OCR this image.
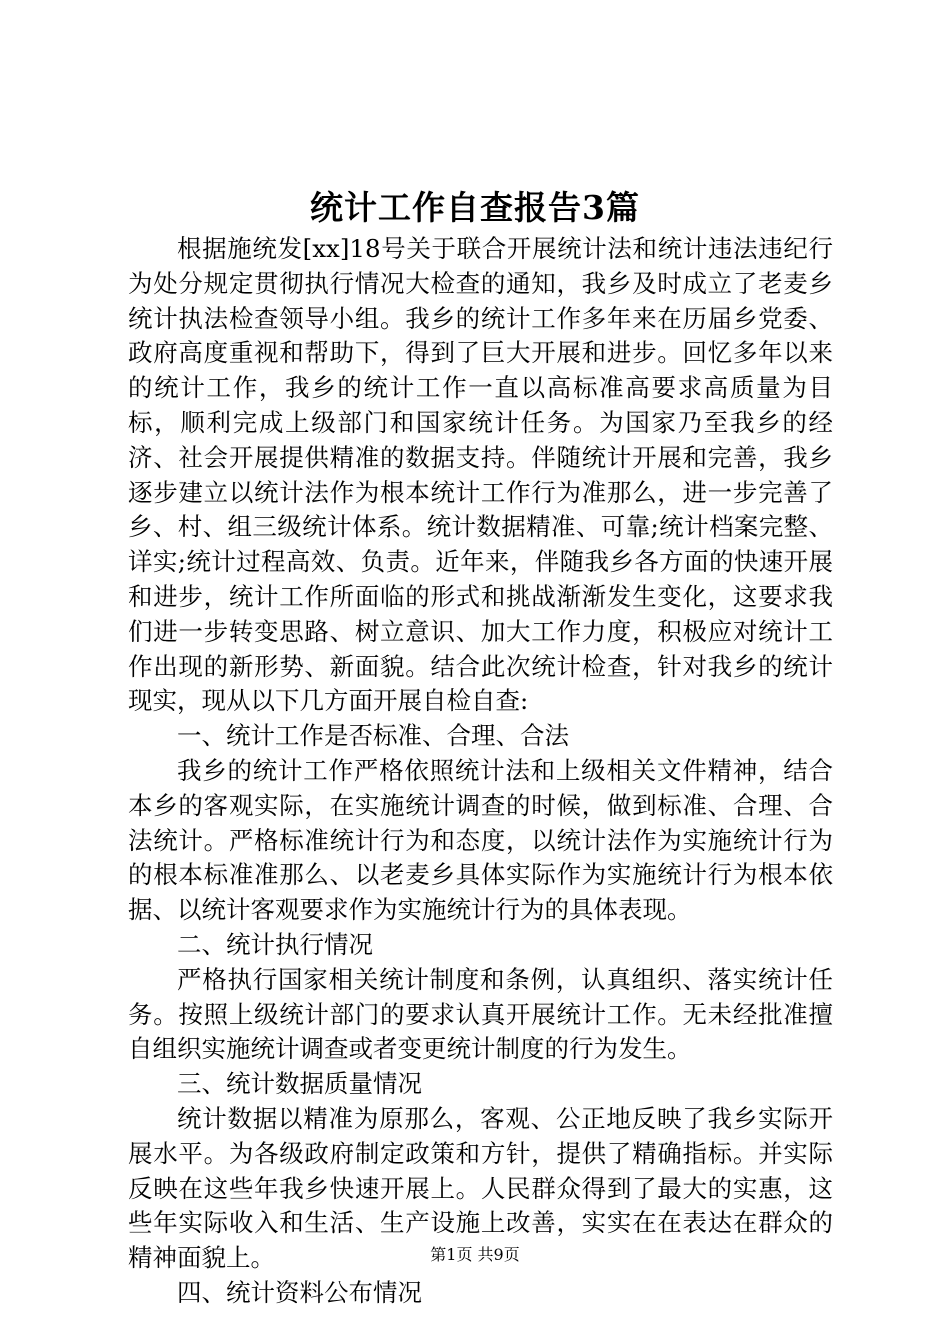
统计工作自查报告3篇

根据施统发[xx]18号关于联合开展统计法和统计违法违纪行为处分规定贯彻执行情况大检查的通知，我乡及时成立了老麦乡统计执法检查领导小组。我乡的统计工作多年来在历届乡党委、政府高度重视和帮助下，得到了巨大开展和进步。回忆多年以来的统计工作，我乡的统计工作一直以高标准高要求高质量为目标，顺利完成上级部门和国家统计任务。为国家乃至我乡的经济、社会开展提供精准的数据支持。伴随统计开展和完善，我乡逐步建立以统计法作为根本统计工作行为准那么，进一步完善了乡、村、组三级统计体系。统计数据精准、可靠;统计档案完整、详实;统计过程高效、负责。近年来，伴随我乡各方面的快速开展和进步，统计工作所面临的形式和挑战渐渐发生变化，这要求我们进一步转变思路、树立意识、加大工作力度，积极应对统计工作出现的新形势、新面貌。结合此次统计检查，针对我乡的统计现实，现从以下几方面开展自检自查:

一、统计工作是否标准、合理、合法

我乡的统计工作严格依照统计法和上级相关文件精神，结合本乡的客观实际，在实施统计调查的时候，做到标准、合理、合法统计。严格标准统计行为和态度，以统计法作为实施统计行为的根本标准准那么、以老麦乡具体实际作为实施统计行为根本依据、以统计客观要求作为实施统计行为的具体表现。

二、统计执行情况

严格执行国家相关统计制度和条例，认真组织、落实统计任务。按照上级统计部门的要求认真开展统计工作。无未经批准擅自组织实施统计调查或者变更统计制度的行为发生。

三、统计数据质量情况

统计数据以精准为原那么，客观、公正地反映了我乡实际开展水平。为各级政府制定政策和方针，提供了精确指标。并实际反映在这些年我乡快速开展上。人民群众得到了最大的实惠，这些年实际收入和生活、生产设施上改善，实实在在表达在群众的精神面貌上。

四、统计资料公布情况

第1页 共9页
